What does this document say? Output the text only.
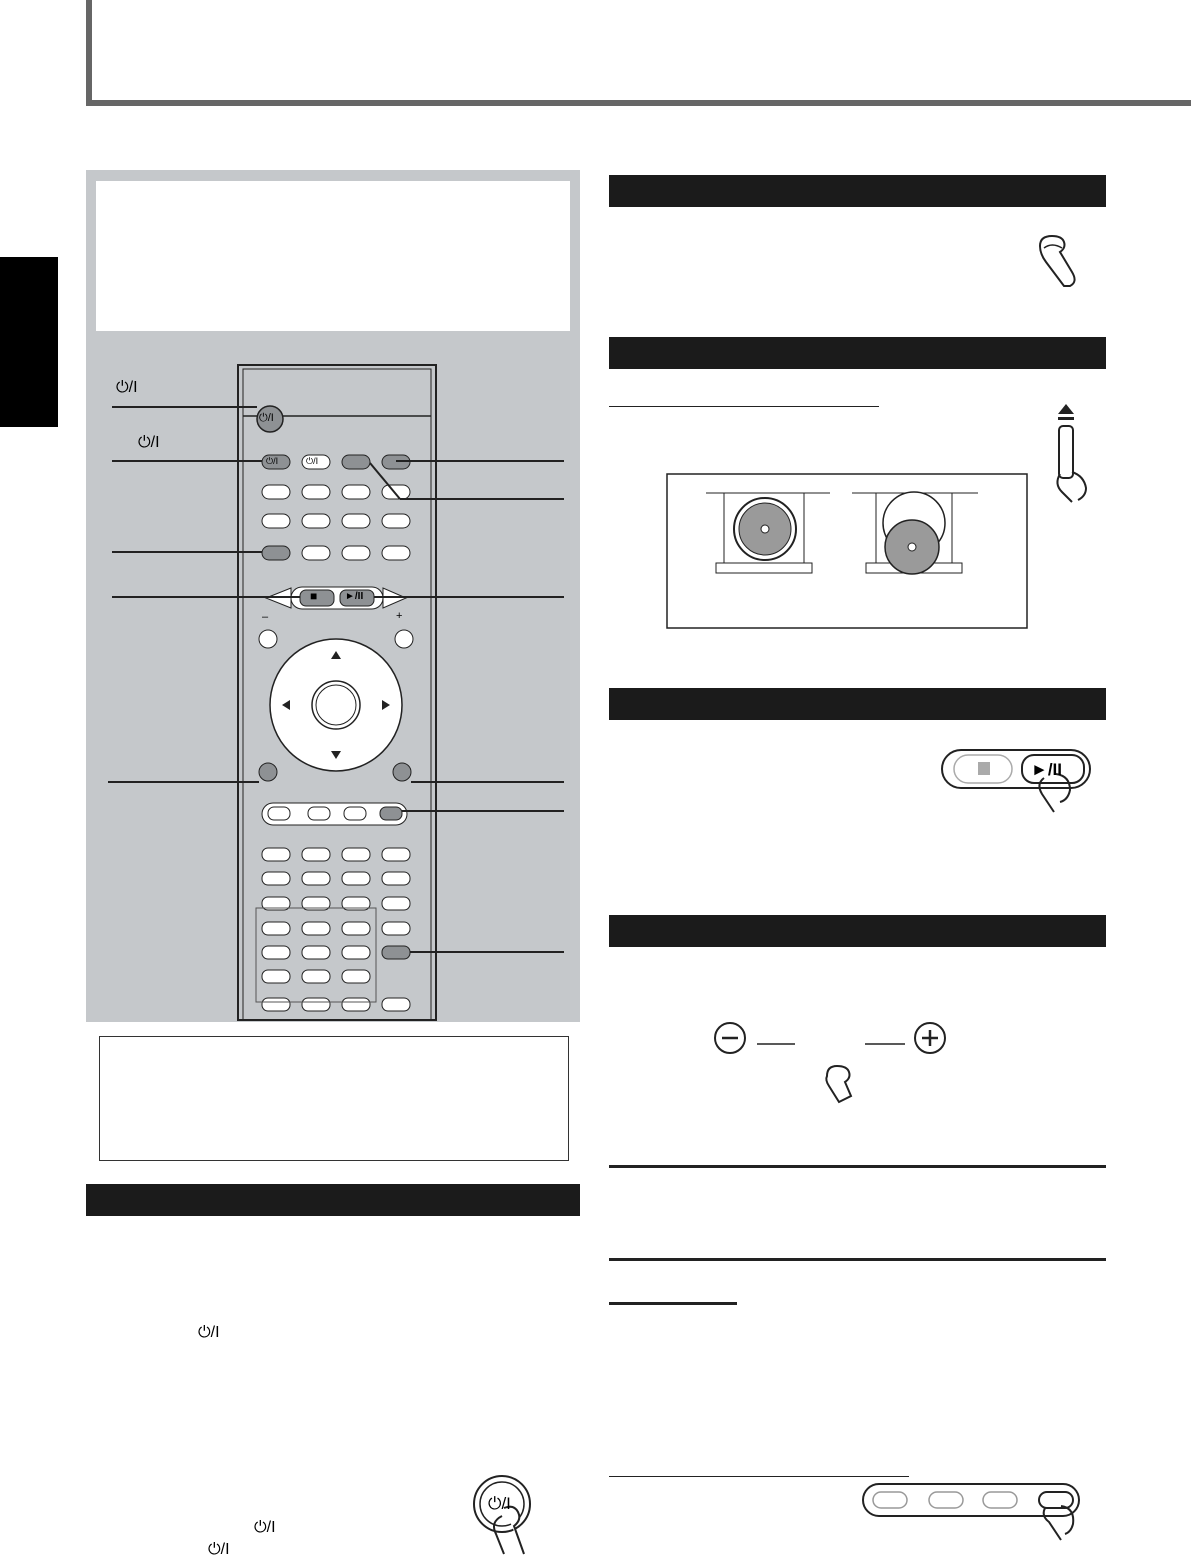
⏻/I
⏻/I
⏻/I
⏻/I	⏻/I
■	►/II
–	+
⏻/I
⏻/I
⏻/I
⏻/I
►/II
